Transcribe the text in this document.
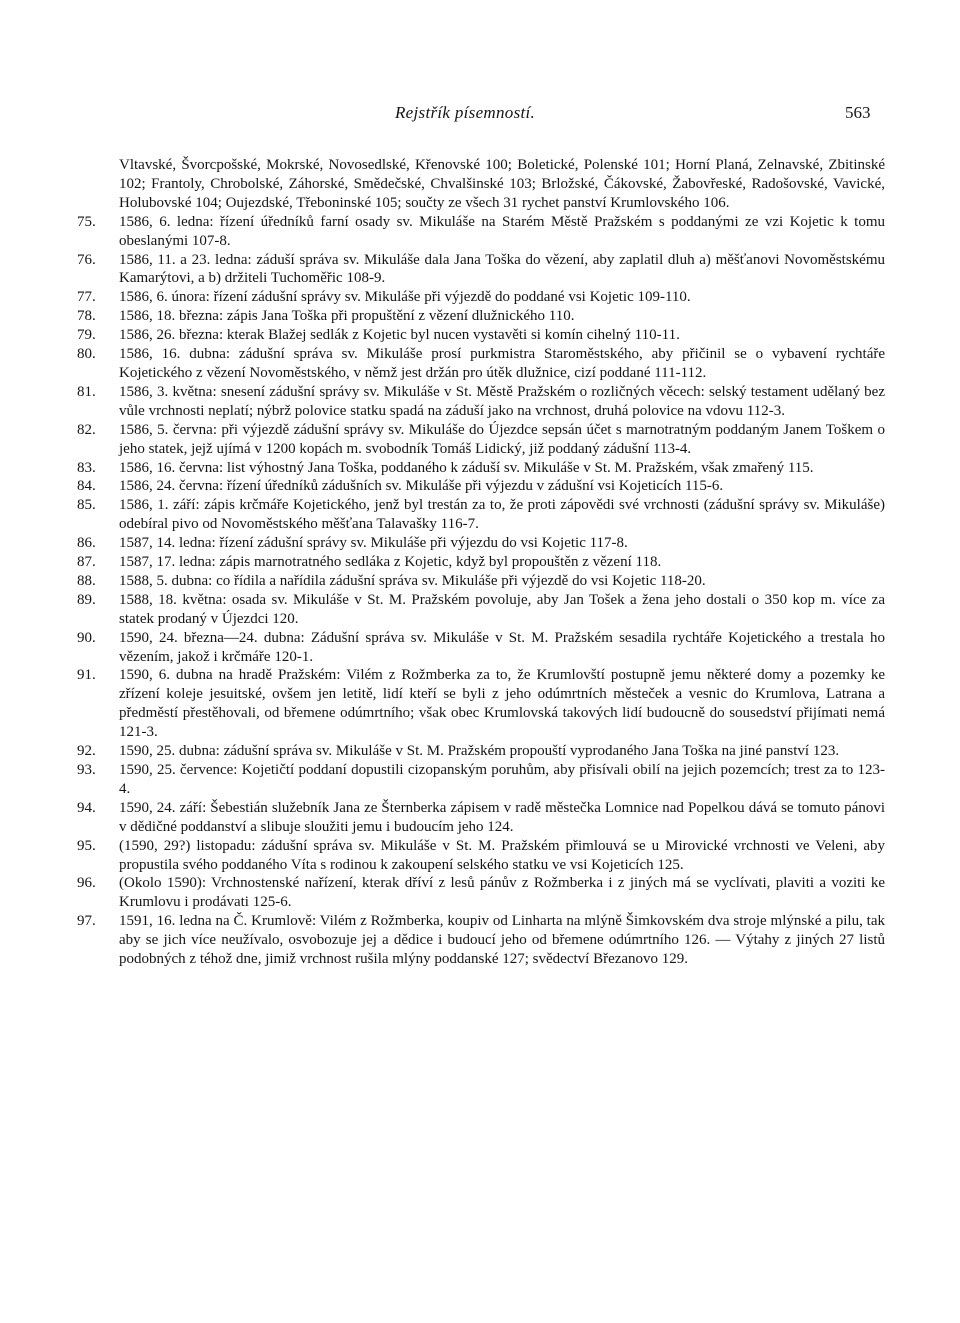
Rejstřík písemností.	563
Vltavské, Švorcpošské, Mokrské, Novosedlské, Křenovské 100; Boletické, Polenské 101; Horní Planá, Zelnavské, Zbitinské 102; Frantoly, Chrobolské, Záhorské, Smědečské, Chvalšinské 103; Brložské, Čákovské, Žabovřeské, Radošovské, Vavické, Holubovské 104; Oujezdské, Třeboninské 105; součty ze všech 31 rychet panství Krumlovského 106.
75.	1586, 6. ledna: řízení úředníků farní osady sv. Mikuláše na Starém Městě Pražském s poddanými ze vzi Kojetic k tomu obeslanými 107-8.
76.	1586, 11. a 23. ledna: záduší správa sv. Mikuláše dala Jana Toška do vězení, aby zaplatil dluh a) měšťanovi Novoměstskému Kamarýtovi, a b) držiteli Tuchoměřic 108-9.
77.	1586, 6. února: řízení zádušní správy sv. Mikuláše při výjezdě do poddané vsi Kojetic 109-110.
78.	1586, 18. března: zápis Jana Toška při propuštění z vězení dlužnického 110.
79.	1586, 26. března: kterak Blažej sedlák z Kojetic byl nucen vystavěti si komín cihelný 110-11.
80.	1586, 16. dubna: zádušní správa sv. Mikuláše prosí purkmistra Staroměstského, aby přičinil se o vybavení rychtáře Kojetického z vězení Novoměstského, v němž jest držán pro útěk dlužnice, cizí poddané 111-112.
81.	1586, 3. května: snesení zádušní správy sv. Mikuláše v St. Městě Pražském o rozličných věcech: selský testament udělaný bez vůle vrchnosti neplatí; nýbrž polovice statku spadá na záduší jako na vrchnost, druhá polovice na vdovu 112-3.
82.	1586, 5. června: při výjezdě zádušní správy sv. Mikuláše do Újezdce sepsán účet s marnotratným poddaným Janem Toškem o jeho statek, jejž ujímá v 1200 kopách m. svobodník Tomáš Lidický, již poddaný zádušní 113-4.
83.	1586, 16. června: list výhostný Jana Toška, poddaného k záduší sv. Mikuláše v St. M. Pražském, však zmařený 115.
84.	1586, 24. června: řízení úředníků zádušních sv. Mikuláše při výjezdu v zádušní vsi Kojeticích 115-6.
85.	1586, 1. září: zápis krčmáře Kojetického, jenž byl trestán za to, že proti zápovědi své vrchnosti (zádušní správy sv. Mikuláše) odebíral pivo od Novoměstského měšťana Talavašky 116-7.
86.	1587, 14. ledna: řízení zádušní správy sv. Mikuláše při výjezdu do vsi Kojetic 117-8.
87.	1587, 17. ledna: zápis marnotratného sedláka z Kojetic, když byl propouštěn z vězení 118.
88.	1588, 5. dubna: co řídila a nařídila zádušní správa sv. Mikuláše při výjezdě do vsi Kojetic 118-20.
89.	1588, 18. května: osada sv. Mikuláše v St. M. Pražském povoluje, aby Jan Tošek a žena jeho dostali o 350 kop m. více za statek prodaný v Újezdci 120.
90.	1590, 24. března—24. dubna: Zádušní správa sv. Mikuláše v St. M. Pražském sesadila rychtáře Kojetického a trestala ho vězením, jakož i krčmáře 120-1.
91.	1590, 6. dubna na hradě Pražském: Vilém z Rožmberka za to, že Krumlovští postupně jemu některé domy a pozemky ke zřízení koleje jesuitské, ovšem jen letitě, lidí kteří se byli z jeho odúmrtních městeček a vesnic do Krumlova, Latrana a předměstí přestěhovali, od břemene odúmrtního; však obec Krumlovská takových lidí budoucně do sousedství přijímati nemá 121-3.
92.	1590, 25. dubna: zádušní správa sv. Mikuláše v St. M. Pražském propouští vyprodaného Jana Toška na jiné panství 123.
93.	1590, 25. července: Kojetičtí poddaní dopustili cizopanským poruhům, aby přisívali obilí na jejich pozemcích; trest za to 123-4.
94.	1590, 24. září: Šebestián služebník Jana ze Šternberka zápisem v radě městečka Lomnice nad Popelkou dává se tomuto pánovi v dědičné poddanství a slibuje sloužiti jemu i budoucím jeho 124.
95.	(1590, 29?) listopadu: zádušní správa sv. Mikuláše v St. M. Pražském přimlouvá se u Mirovické vrchnosti ve Veleni, aby propustila svého poddaného Víta s rodinou k zakoupení selského statku ve vsi Kojeticích 125.
96.	(Okolo 1590): Vrchnostenské nařízení, kterak dříví z lesů pánův z Rožmberka i z jiných má se vyclívati, plaviti a voziti ke Krumlovu i prodávati 125-6.
97.	1591, 16. ledna na Č. Krumlově: Vilém z Rožmberka, koupiv od Linharta na mlýně Šimkovském dva stroje mlýnské a pilu, tak aby se jich více neužívalo, osvobozuje jej a dědice i budoucí jeho od břemene odúmrtního 126. — Výtahy z jiných 27 listů podobných z téhož dne, jimiž vrchnost rušila mlýny poddanské 127; svědectví Březanovo 129.
